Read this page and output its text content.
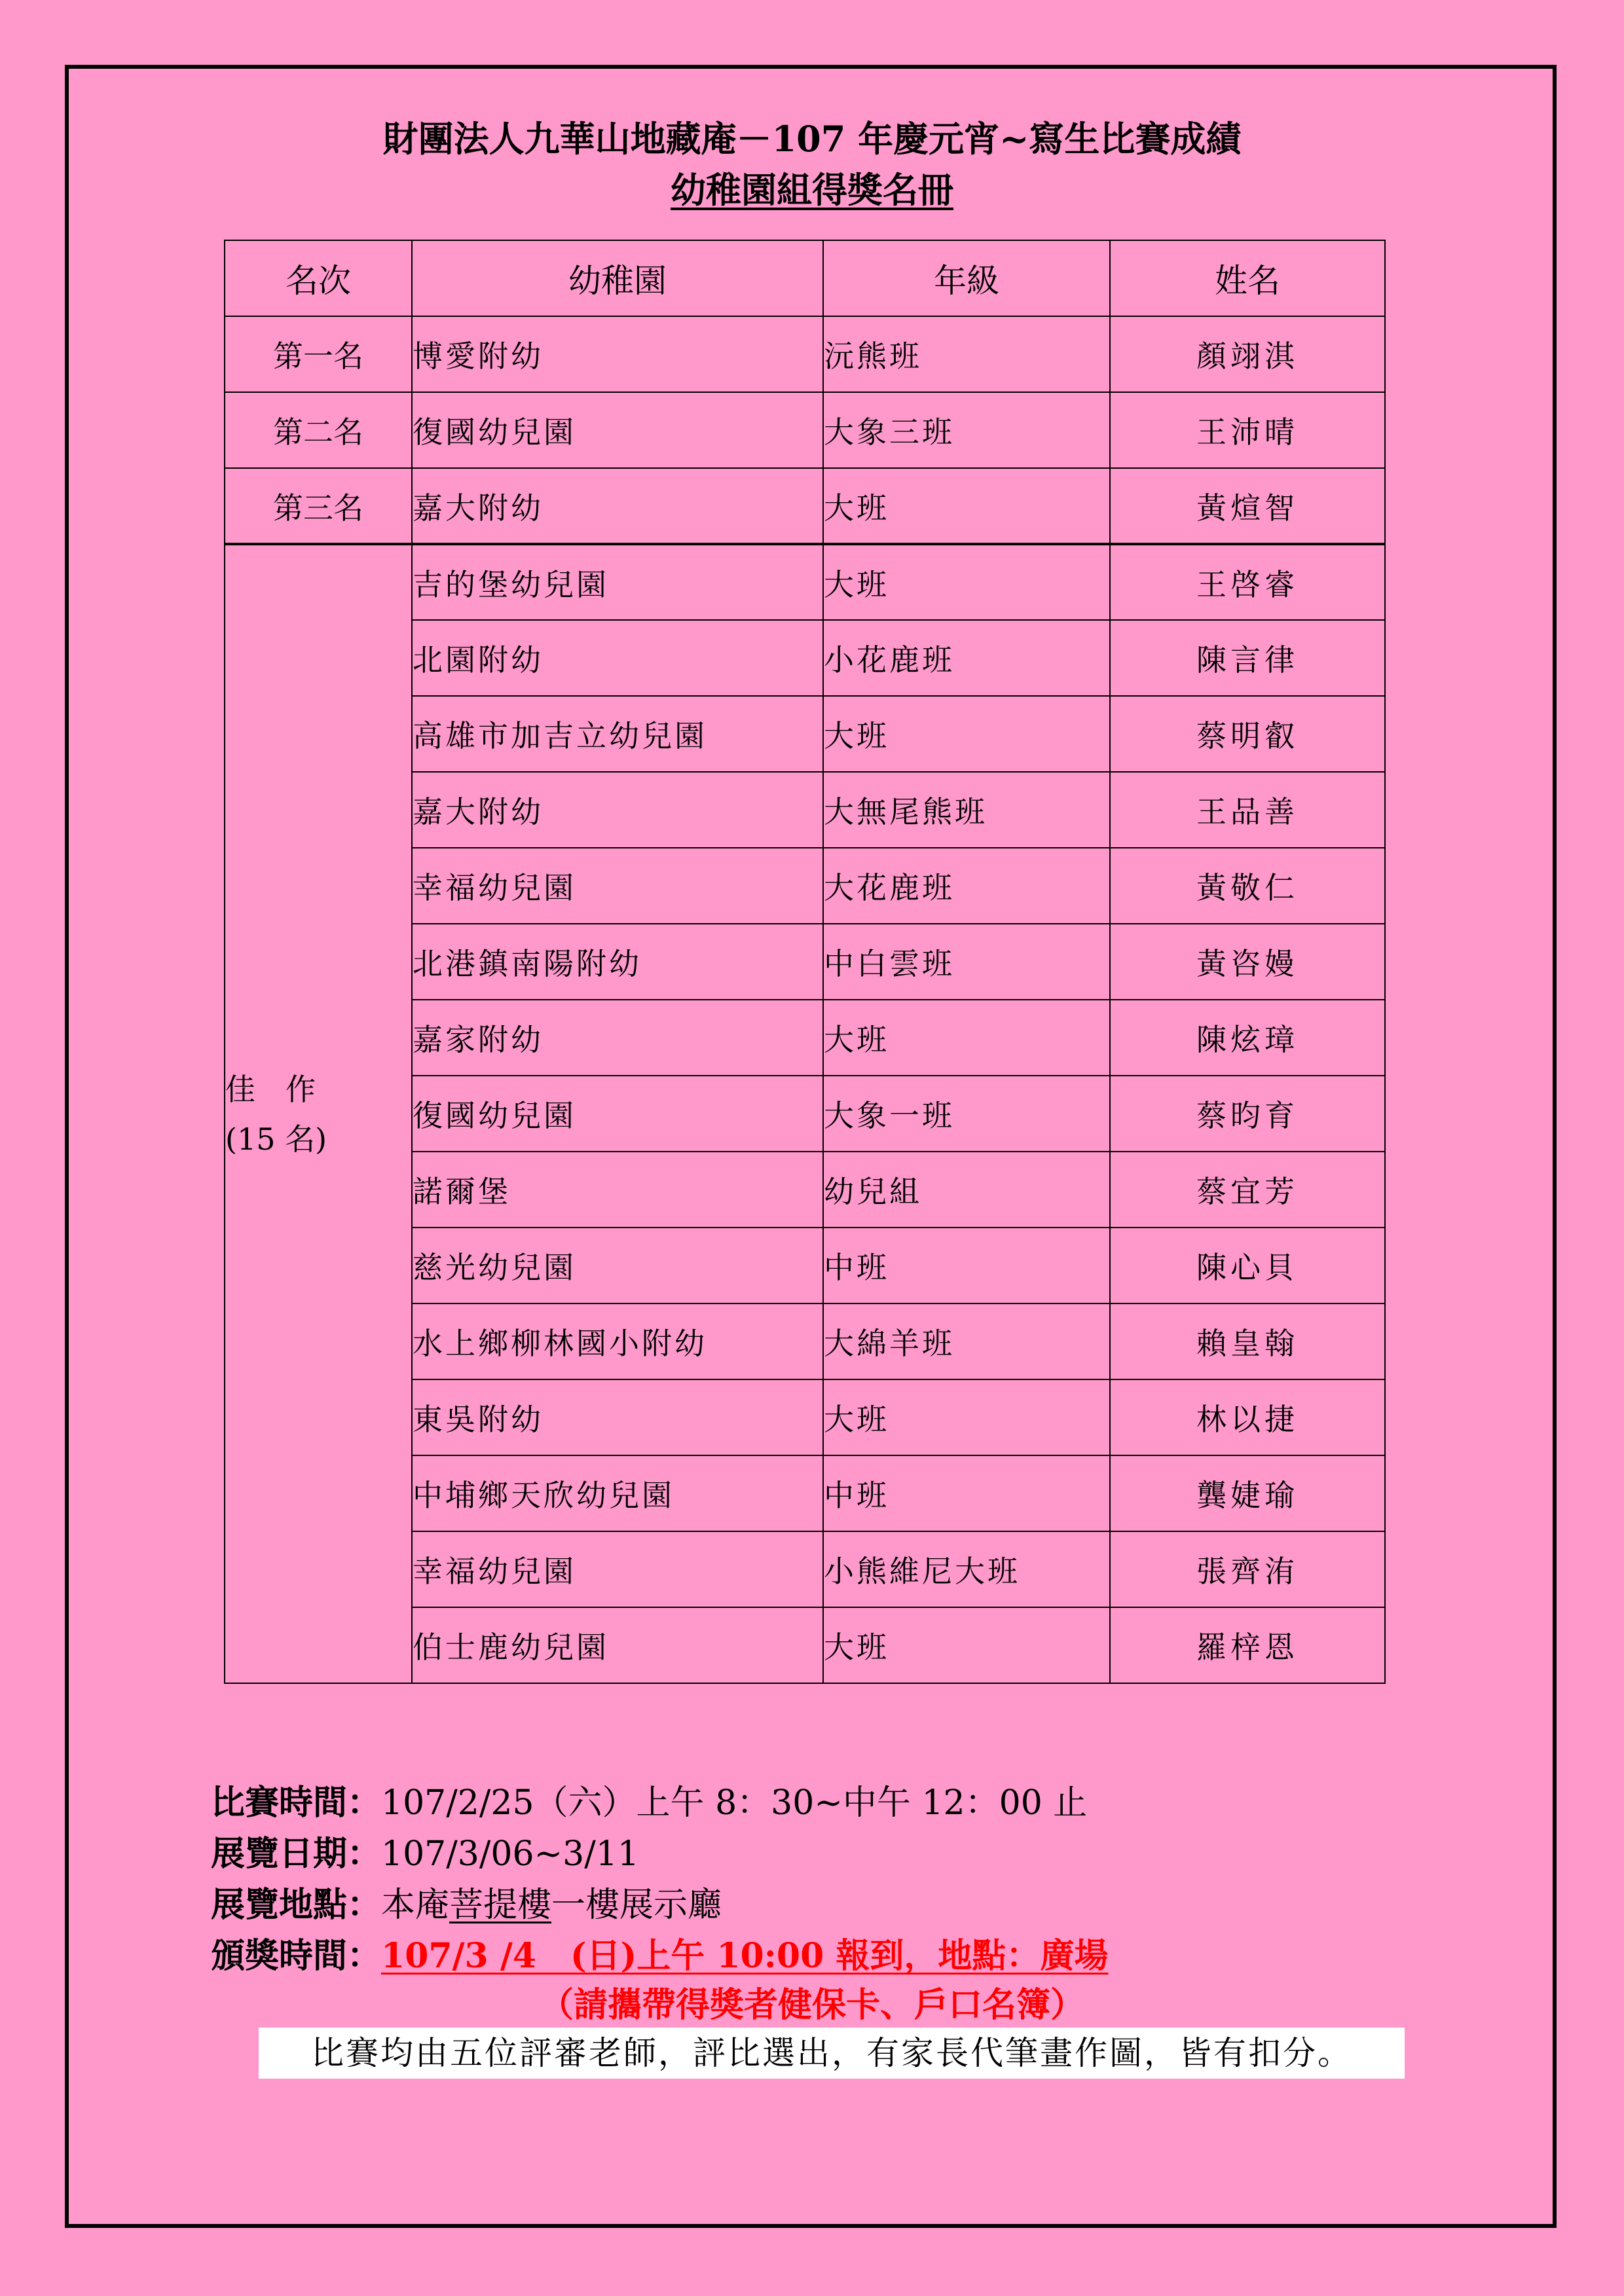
財團法人九華山地藏庵－107 年慶元宵~寫生比賽成績
幼稚園組得獎名冊
名次	幼稚園	年級	姓名
第一名	博愛附幼	沅熊班	顏翊淇
第二名	復國幼兒園	大象三班	王沛晴
第三名	嘉大附幼	大班	黃煊智

佳　作
(15 名)	吉的堡幼兒園	大班	王啓睿
	北園附幼	小花鹿班	陳言律
	高雄市加吉立幼兒園	大班	蔡明叡
	嘉大附幼	大無尾熊班	王品善
	幸福幼兒園	大花鹿班	黃敬仁
	北港鎮南陽附幼	中白雲班	黃咨嫚
	嘉家附幼	大班	陳炫璋
	復國幼兒園	大象一班	蔡昀育
	諾爾堡	幼兒組	蔡宜芳
	慈光幼兒園	中班	陳心貝
	水上鄉柳林國小附幼	大綿羊班	賴皇翰
	東吳附幼	大班	林以捷
	中埔鄉天欣幼兒園	中班	龔婕瑜
	幸福幼兒園	小熊維尼大班	張齊洧
	伯士鹿幼兒園	大班	羅梓恩
比賽時間：107/2/25（六）上午 8：30~中午 12：00 止
展覽日期：107/3/06~3/11
展覽地點：本庵菩提樓一樓展示廳
頒獎時間：107/3 /4　(日)上午 10:00 報到，地點：廣場
（請攜帶得獎者健保卡、戶口名簿）
比賽均由五位評審老師，評比選出，有家長代筆畫作圖，皆有扣分。
